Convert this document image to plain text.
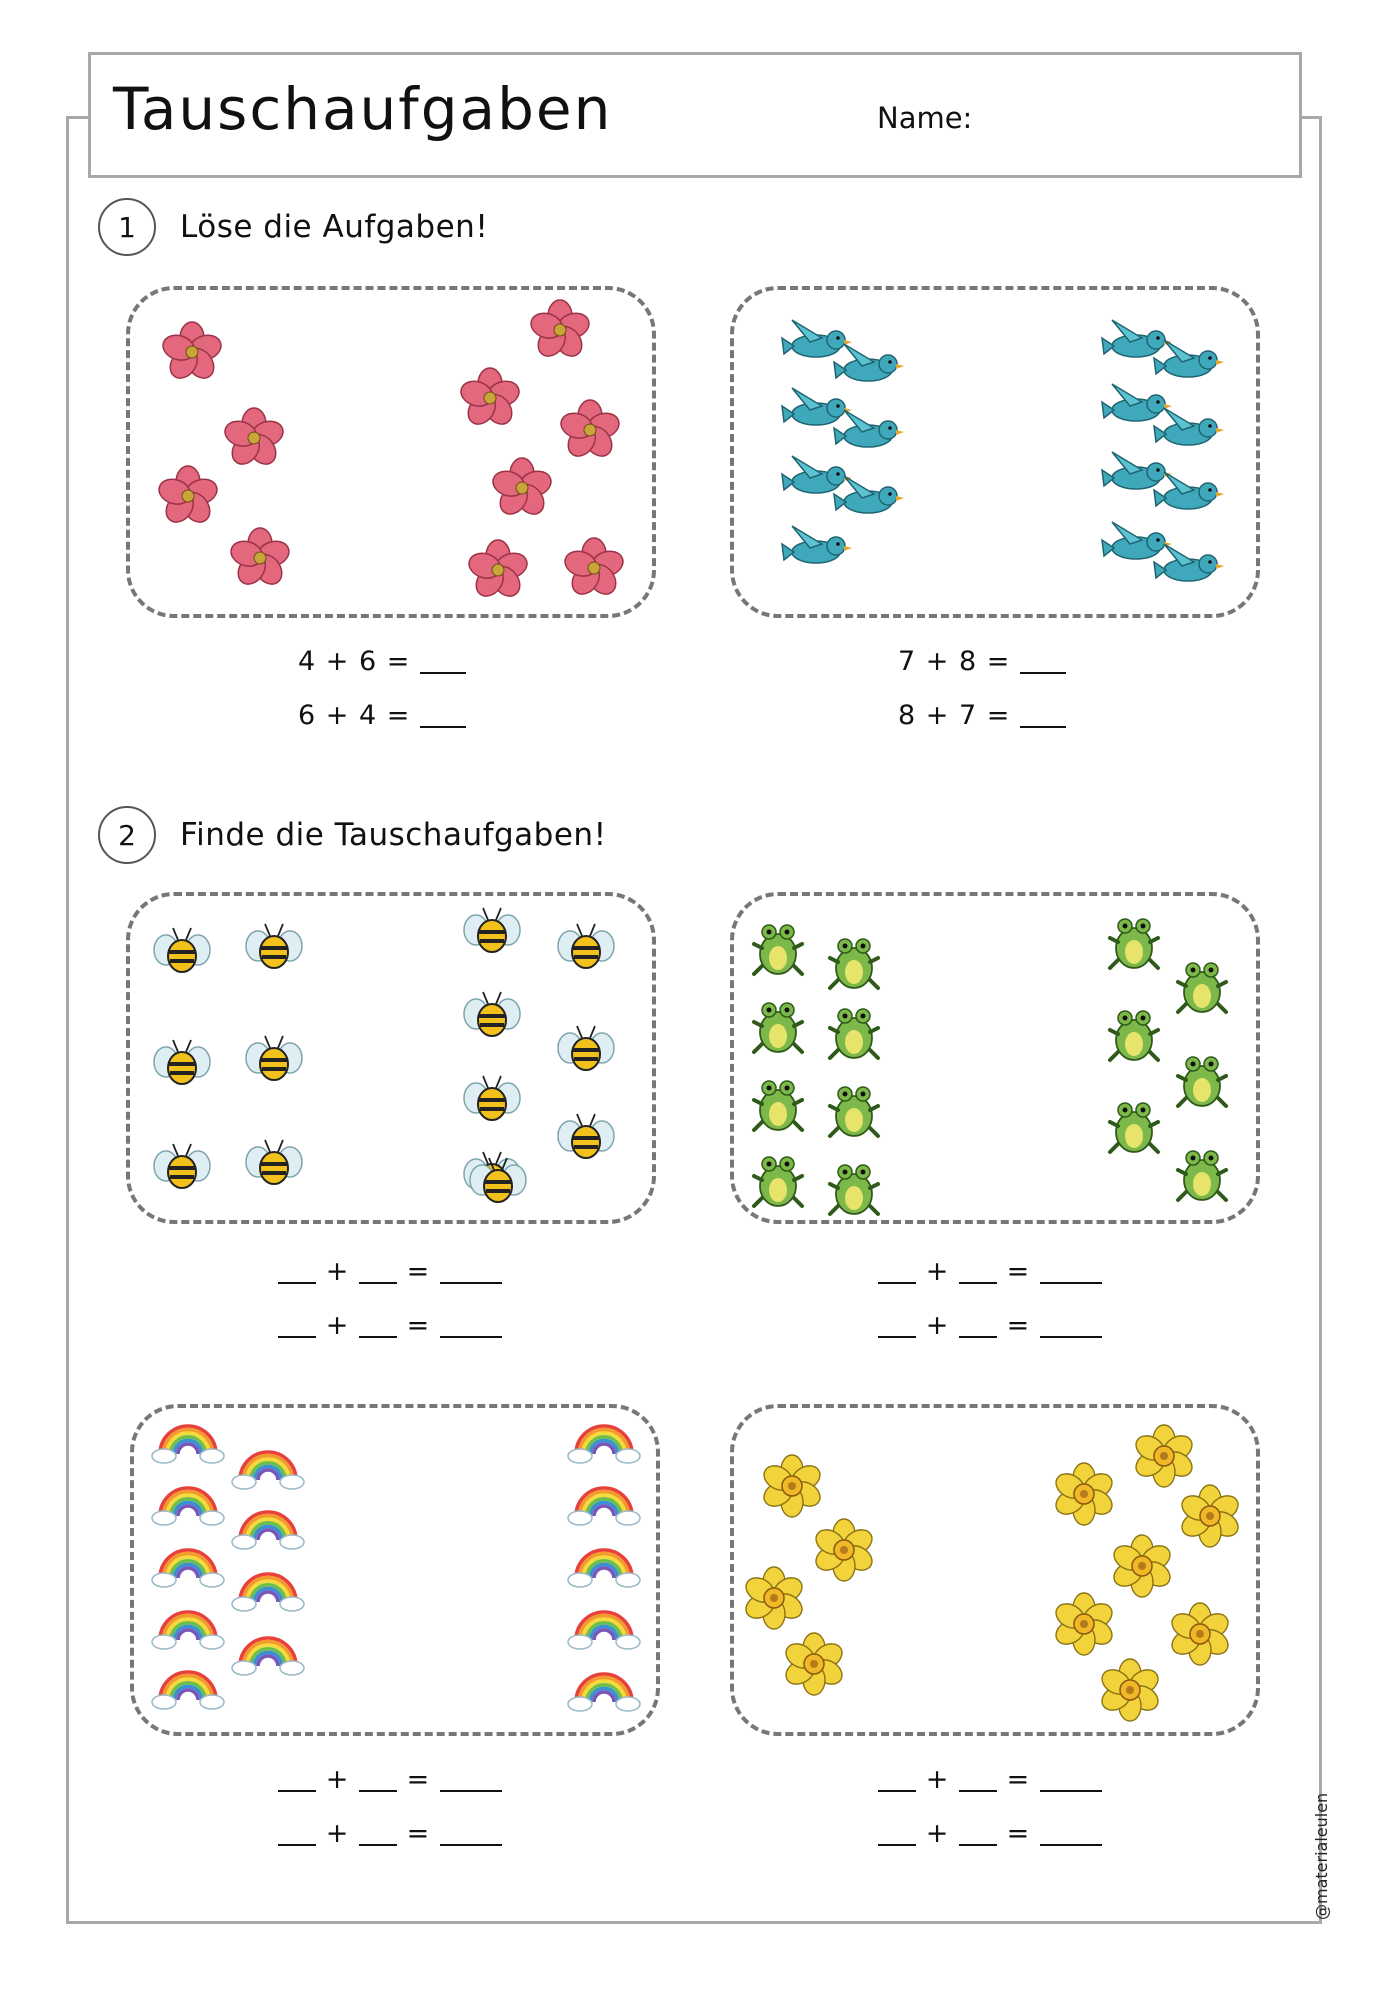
Tauschaufgaben	Name:
1	Löse die Aufgaben!
4 + 6 =
6 + 4 =
7 + 8 =
8 + 7 =
2	Finde die Tauschaufgaben!
+ =
+ =
+ =
+ =
+ =
+ =
+ =
+ =	@materialeulen
